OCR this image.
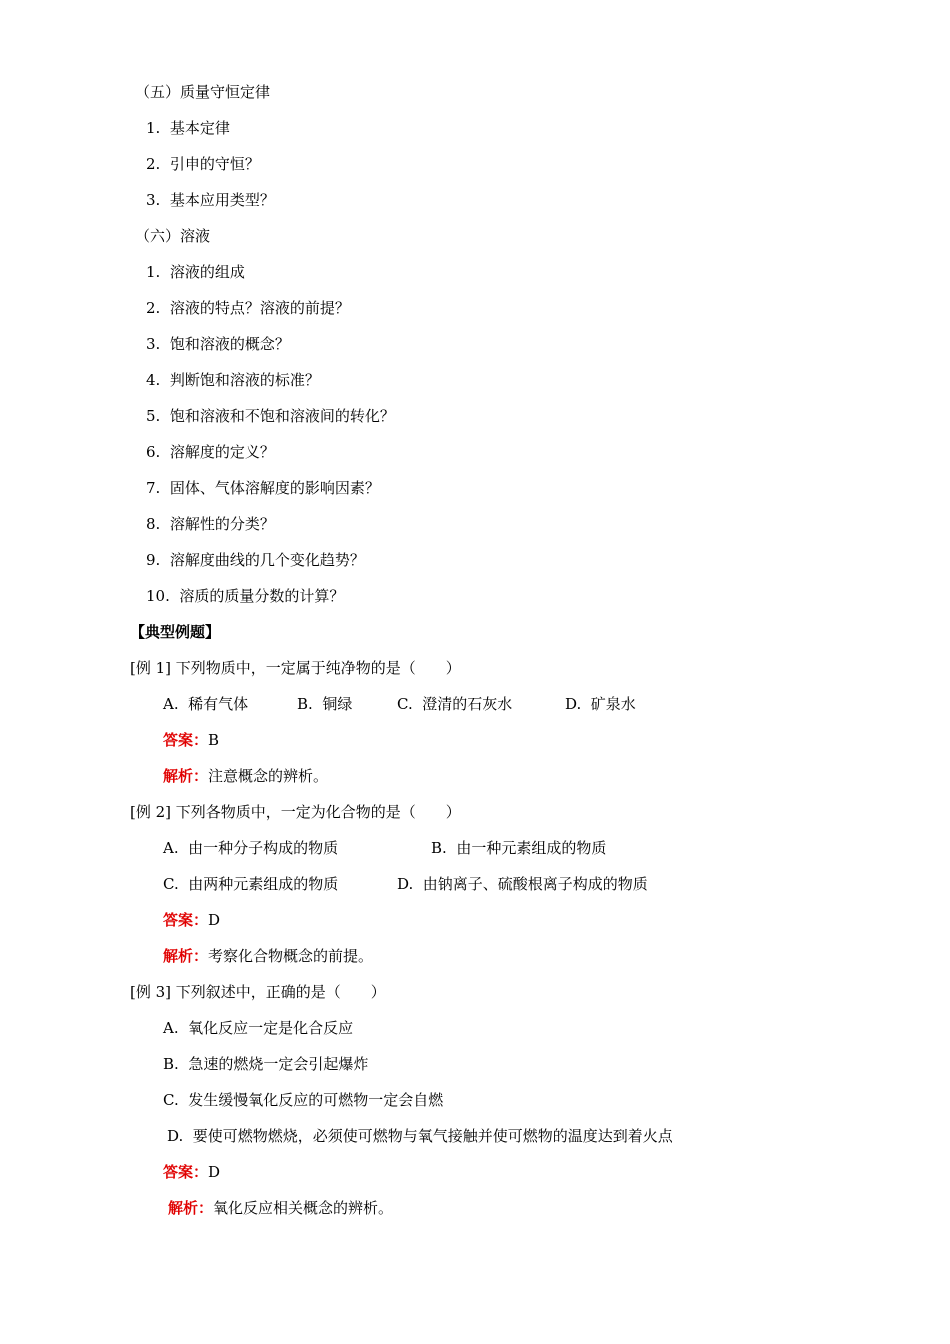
（五）质量守恒定律
1.  基本定律
2.  引申的守恒？
3.  基本应用类型？
（六）溶液
1.  溶液的组成
2.  溶液的特点？溶液的前提？
3.  饱和溶液的概念？
4.  判断饱和溶液的标准？
5.  饱和溶液和不饱和溶液间的转化？
6.  溶解度的定义？
7.  固体、气体溶解度的影响因素？
8.  溶解性的分类？
9.  溶解度曲线的几个变化趋势？
10.  溶质的质量分数的计算？
【典型例题】
[例 1] 下列物质中，一定属于纯净物的是（　　）
A.  稀有气体	B.  铜绿	C.  澄清的石灰水	D.  矿泉水
答案：B
解析：注意概念的辨析。
[例 2] 下列各物质中，一定为化合物的是（　　）
A.  由一种分子构成的物质	B.  由一种元素组成的物质
C.  由两种元素组成的物质	D.  由钠离子、硫酸根离子构成的物质
答案：D
解析：考察化合物概念的前提。
[例 3] 下列叙述中，正确的是（　　）
A.  氧化反应一定是化合反应
B.  急速的燃烧一定会引起爆炸
C.  发生缓慢氧化反应的可燃物一定会自燃
D.  要使可燃物燃烧，必须使可燃物与氧气接触并使可燃物的温度达到着火点
答案：D
解析：氧化反应相关概念的辨析。
